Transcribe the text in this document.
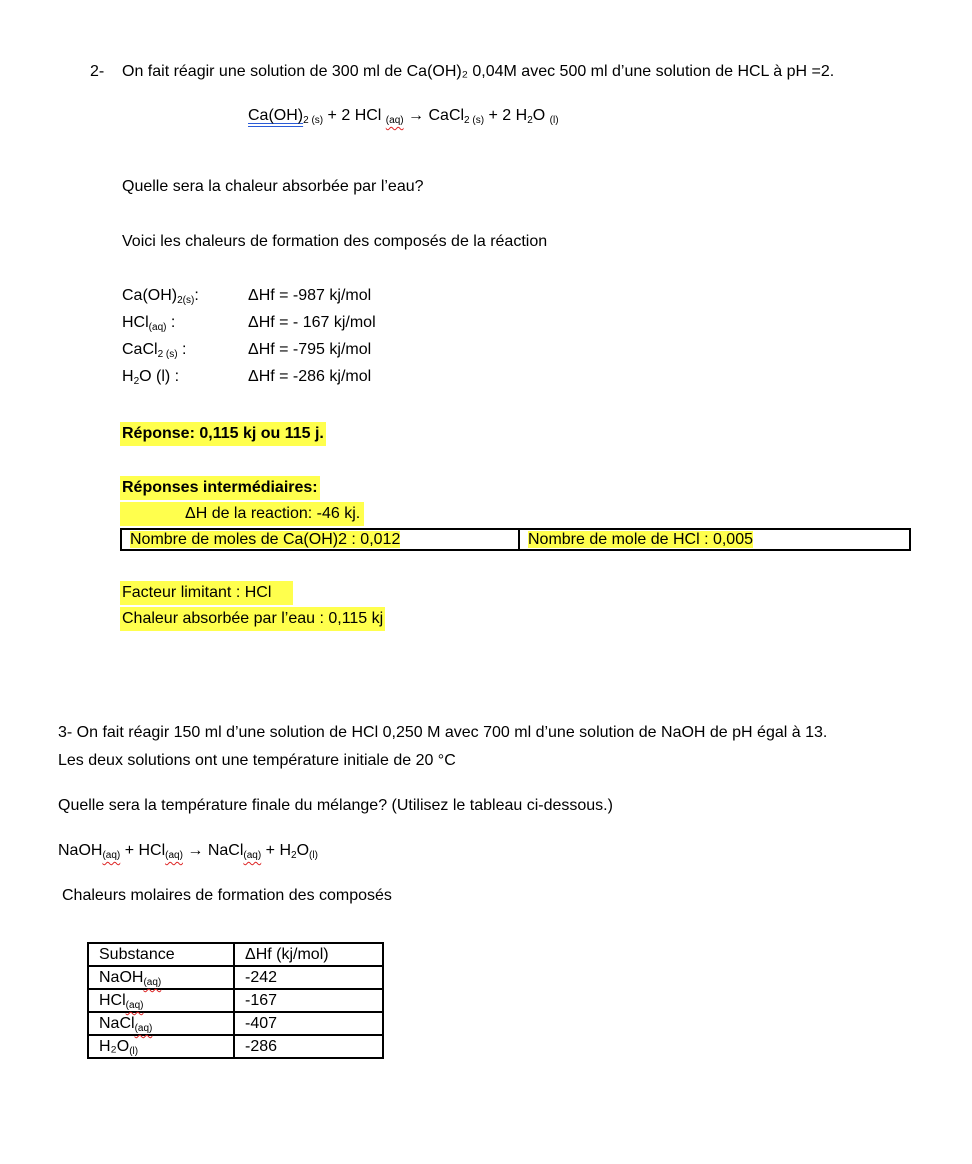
2- On fait réagir une solution de 300 ml de Ca(OH)₂ 0,04M avec 500 ml d’une solution de HCL à pH =2.
$Ca(OH)_{2 (s)} + 2$ HCl $_{(aq)}$ → CaCl$_{2 (s)}$ + 2 $H_2O$ $_{(l)}$
Quelle sera la chaleur absorbée par l’eau?
Voici les chaleurs de formation des composés de la réaction
$Ca(OH)_{2(s)}$:	ΔHf = -987 kj/mol
HCl$_{(aq)}$ :	ΔHf = - 167 kj/mol
CaCl$_{2 (s)}$ :	ΔHf = -795 kj/mol
$H_2O$ (l) :	ΔHf = -286 kj/mol
Réponse: 0,115 kj ou 115 j.
Réponses intermédiaires:
ΔH de la reaction: -46 kj.
Nombre de moles de Ca(OH)2 : 0,012	Nombre de mole de HCl : 0,005
Facteur limitant : HCl
Chaleur absorbée par l’eau : 0,115 kj
3- On fait réagir 150 ml d’une solution de HCl 0,250 M avec 700 ml d’une solution de NaOH de pH égal à 13.
Les deux solutions ont une température initiale de 20 °C
Quelle sera la température finale du mélange? (Utilisez le tableau ci-dessous.)
NaOH$_{(aq)}$ + HCl$_{(aq)}$ → NaCl$_{(aq)}$ + $H_2O_{(l)}$
Chaleurs molaires de formation des composés
Substance	ΔHf (kj/mol)
NaOH$_{(aq)}$	-242
HCl$_{(aq)}$	-167
NaCl$_{(aq)}$	-407
$H_2O_{(l)}$	-286
